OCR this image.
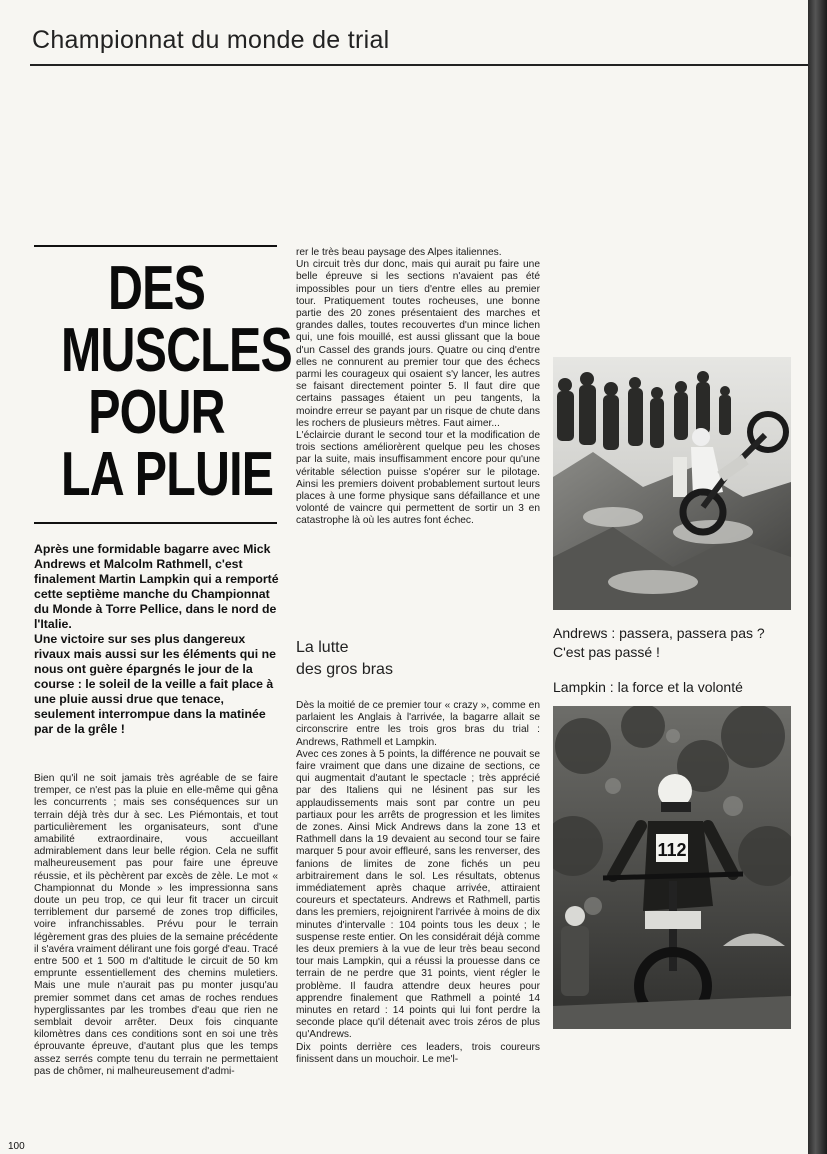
Championnat du monde de trial
DES
MUSCLES
POUR
LA PLUIE

Après une formidable bagarre avec Mick Andrews et Malcolm Rathmell, c'est finalement Martin Lampkin qui a remporté cette septième manche du Championnat du Monde à Torre Pellice, dans le nord de l'Italie.

Une victoire sur ses plus dangereux rivaux mais aussi sur les éléments qui ne nous ont guère épargnés le jour de la course : le soleil de la veille a fait place à une pluie aussi drue que tenace, seulement interrompue dans la matinée par de la grêle !

Bien qu'il ne soit jamais très agréable de se faire tremper, ce n'est pas la pluie en elle-même qui gêna les concurrents ; mais ses conséquences sur un terrain déjà très dur à sec. Les Piémontais, et tout particulièrement les organisateurs, sont d'une amabilité extraordinaire, vous accueillant admirablement dans leur belle région. Cela ne suffit malheureusement pas pour faire une épreuve réussie, et ils pèchèrent par excès de zèle. Le mot « Championnat du Monde » les impressionna sans doute un peu trop, ce qui leur fit tracer un circuit terriblement dur parsemé de zones trop difficiles, voire infranchissables. Prévu pour le terrain légèrement gras des pluies de la semaine précédente il s'avéra vraiment délirant une fois gorgé d'eau. Tracé entre 500 et 1 500 m d'altitude le circuit de 50 km emprunte essentiellement des chemins muletiers. Mais une mule n'aurait pas pu monter jusqu'au premier sommet dans cet amas de roches rendues hyperglissantes par les trombes d'eau que rien ne semblait devoir arrêter. Deux fois cinquante kilomètres dans ces conditions sont en soi une très éprouvante épreuve, d'autant plus que les temps assez serrés compte tenu du terrain ne permettaient pas de chômer, ni malheureusement d'admi-

rer le très beau paysage des Alpes italiennes.

Un circuit très dur donc, mais qui aurait pu faire une belle épreuve si les sections n'avaient pas été impossibles pour un tiers d'entre elles au premier tour. Pratiquement toutes rocheuses, une bonne partie des 20 zones présentaient des marches et grandes dalles, toutes recouvertes d'un mince lichen qui, une fois mouillé, est aussi glissant que la boue d'un Cassel des grands jours. Quatre ou cinq d'entre elles ne connurent au premier tour que des échecs parmi les courageux qui osaient s'y lancer, les autres se faisant directement pointer 5. Il faut dire que certains passages étaient un peu tangents, la moindre erreur se payant par un risque de chute dans les rochers de plusieurs mètres. Faut aimer...

L'éclaircie durant le second tour et la modification de trois sections améliorèrent quelque peu les choses par la suite, mais insuffisamment encore pour qu'une véritable sélection puisse s'opérer sur le pilotage. Ainsi les premiers doivent probablement surtout leurs places à une forme physique sans défaillance et une volonté de vaincre qui permettent de sortir un 3 en catastrophe là où les autres font échec.

La lutte
des gros bras

Dès la moitié de ce premier tour « crazy », comme en parlaient les Anglais à l'arrivée, la bagarre allait se circonscrire entre les trois gros bras du trial : Andrews, Rathmell et Lampkin.

Avec ces zones à 5 points, la différence ne pouvait se faire vraiment que dans une dizaine de sections, ce qui augmentait d'autant le spectacle ; très apprécié par des Italiens qui ne lésinent pas sur les applaudissements mais sont par contre un peu partiaux pour les arrêts de progression et les limites de zones. Ainsi Mick Andrews dans la zone 13 et Rathmell dans la 19 devaient au second tour se faire marquer 5 pour avoir effleuré, sans les renverser, des fanions de limites de zone fichés un peu arbitrairement dans le sol. Les résultats, obtenus immédiatement après chaque arrivée, attiraient coureurs et spectateurs. Andrews et Rathmell, partis dans les premiers, rejoignirent l'arrivée à moins de dix minutes d'intervalle : 104 points tous les deux ; le suspense reste entier. On les considérait déjà comme les deux premiers à la vue de leur très beau second tour mais Lampkin, qui a réussi la prouesse dans ce terrain de ne perdre que 31 points, vient régler le problème. Il faudra attendre deux heures pour apprendre finalement que Rathmell a pointé 14 minutes en retard : 14 points qui lui font perdre la seconde place qu'il détenait avec trois zéros de plus qu'Andrews.

Dix points derrière ces leaders, trois coureurs finissent dans un mouchoir. Le me'l-

Andrews : passera, passera pas ? C'est pas passé !

Lampkin : la force et la volonté

112
100
